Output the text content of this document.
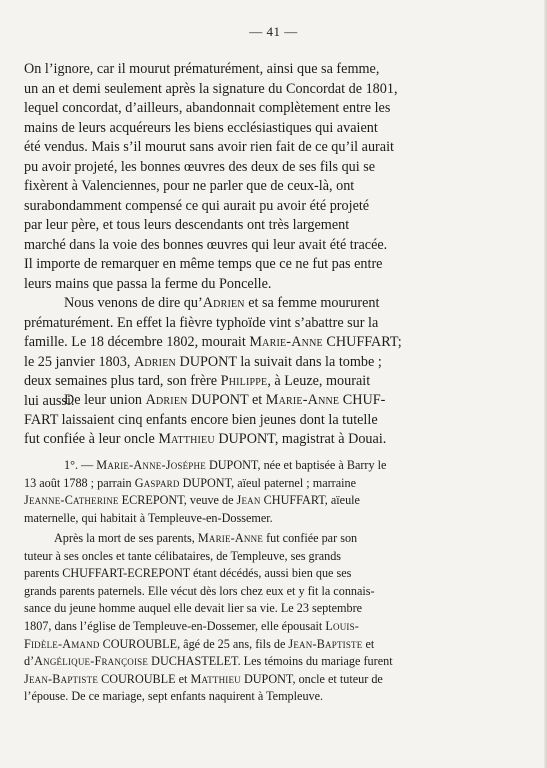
— 41 —
On l’ignore, car il mourut prématurément, ainsi que sa femme,
un an et demi seulement après la signature du Concordat de 1801,
lequel concordat, d’ailleurs, abandonnait complètement entre les
mains de leurs acquéreurs les biens ecclésiastiques qui avaient
été vendus. Mais s’il mourut sans avoir rien fait de ce qu’il aurait
pu avoir projeté, les bonnes œuvres des deux de ses fils qui se
fixèrent à Valenciennes, pour ne parler que de ceux-là, ont
surabondamment compensé ce qui aurait pu avoir été projeté
par leur père, et tous leurs descendants ont très largement
marché dans la voie des bonnes œuvres qui leur avait été tracée.
Il importe de remarquer en même temps que ce ne fut pas entre
leurs mains que passa la ferme du Poncelle.
Nous venons de dire qu’Adrien et sa femme moururent
prématurément. En effet la fièvre typhoïde vint s’abattre sur la
famille. Le 18 décembre 1802, mourait Marie-Anne CHUFFART;
le 25 janvier 1803, Adrien DUPONT la suivait dans la tombe ;
deux semaines plus tard, son frère Philippe, à Leuze, mourait
lui aussi.
De leur union Adrien DUPONT et Marie-Anne CHUF-
FART laissaient cinq enfants encore bien jeunes dont la tutelle
fut confiée à leur oncle Matthieu DUPONT, magistrat à Douai.
1°. — Marie-Anne-Joséphe DUPONT, née et baptisée à Barry le
13 août 1788 ; parrain Gaspard DUPONT, aïeul paternel ; marraine
Jeanne-Catherine ECREPONT, veuve de Jean CHUFFART, aïeule
maternelle, qui habitait à Templeuve-en-Dossemer.
Après la mort de ses parents, Marie-Anne fut confiée par son
tuteur à ses oncles et tante célibataires, de Templeuve, ses grands
parents CHUFFART-ECREPONT étant décédés, aussi bien que ses
grands parents paternels. Elle vécut dès lors chez eux et y fit la connais-
sance du jeune homme auquel elle devait lier sa vie. Le 23 septembre
1807, dans l’église de Templeuve-en-Dossemer, elle épousait Louis-
Fidèle-Amand COUROUBLE, âgé de 25 ans, fils de Jean-Baptiste et
d’Angélique-Françoise DUCHASTELET. Les témoins du mariage furent
Jean-Baptiste COUROUBLE et Matthieu DUPONT, oncle et tuteur de
l’épouse. De ce mariage, sept enfants naquirent à Templeuve.
